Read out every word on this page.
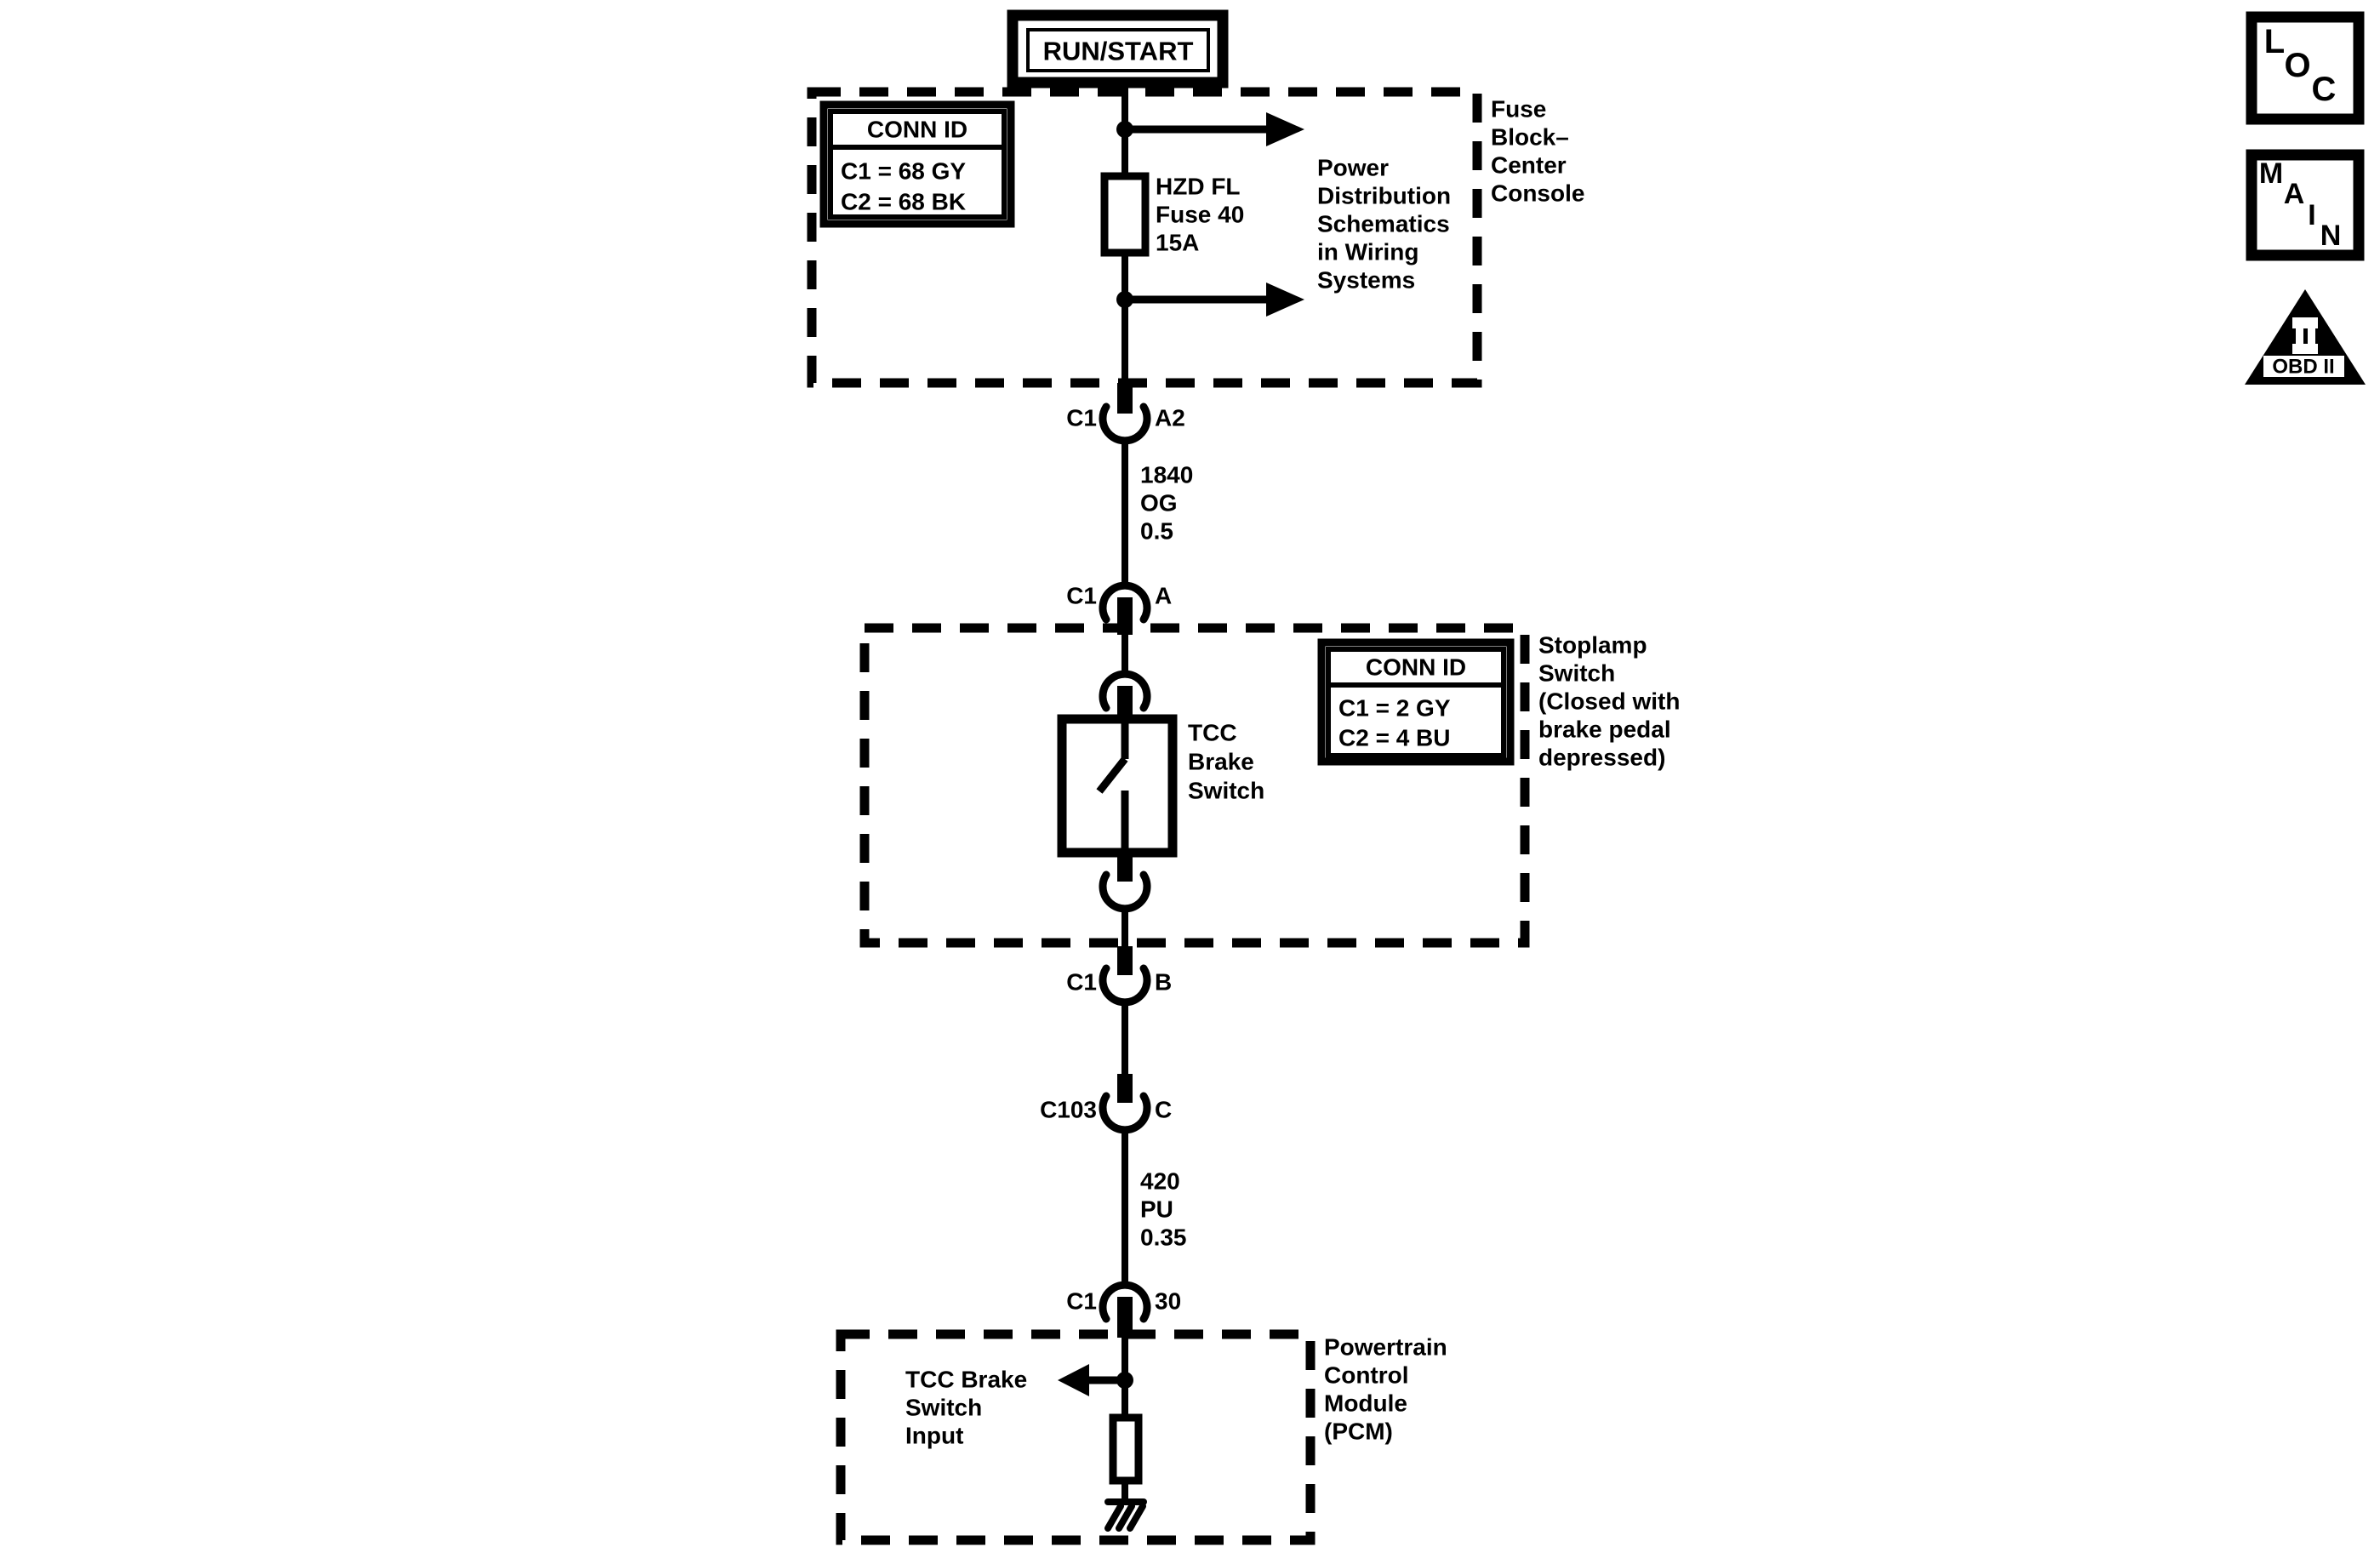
RUN/START
HZD FL
Fuse 40
15A
CONN ID
C1 = 68 GY
C2 = 68 BK
Power
Distribution
Schematics
in Wiring
Systems
Fuse
Block–
Center
Console
C1 A2
1840
OG
0.5
C1 A
TCC
Brake
Switch
CONN ID
C1 = 2 GY
C2 = 4 BU
Stoplamp
Switch
(Closed with
brake pedal
depressed)
C1 B
C103 C
420
PU
0.35
C1 30
TCC Brake
Switch
Input
Powertrain
Control
Module
(PCM)
L
O
C
M
A
I
N
OBD II
